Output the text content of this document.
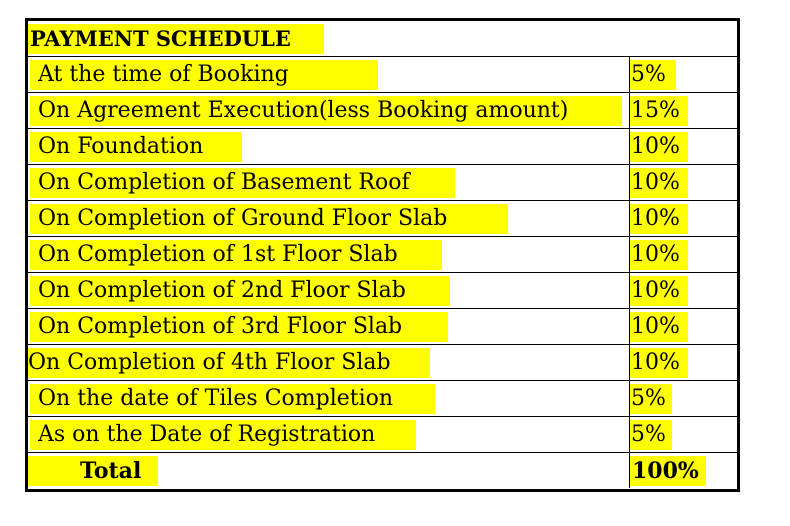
PAYMENT SCHEDULE
At the time of Booking	5%
On Agreement Execution(less Booking amount)	15%
On Foundation	10%
On Completion of Basement Roof	10%
On Completion of Ground Floor Slab	10%
On Completion of 1st Floor Slab	10%
On Completion of 2nd Floor Slab	10%
On Completion of 3rd Floor Slab	10%
On Completion of 4th Floor Slab	10%
On the date of Tiles Completion	5%
As on the Date of Registration	5%
Total	100%
